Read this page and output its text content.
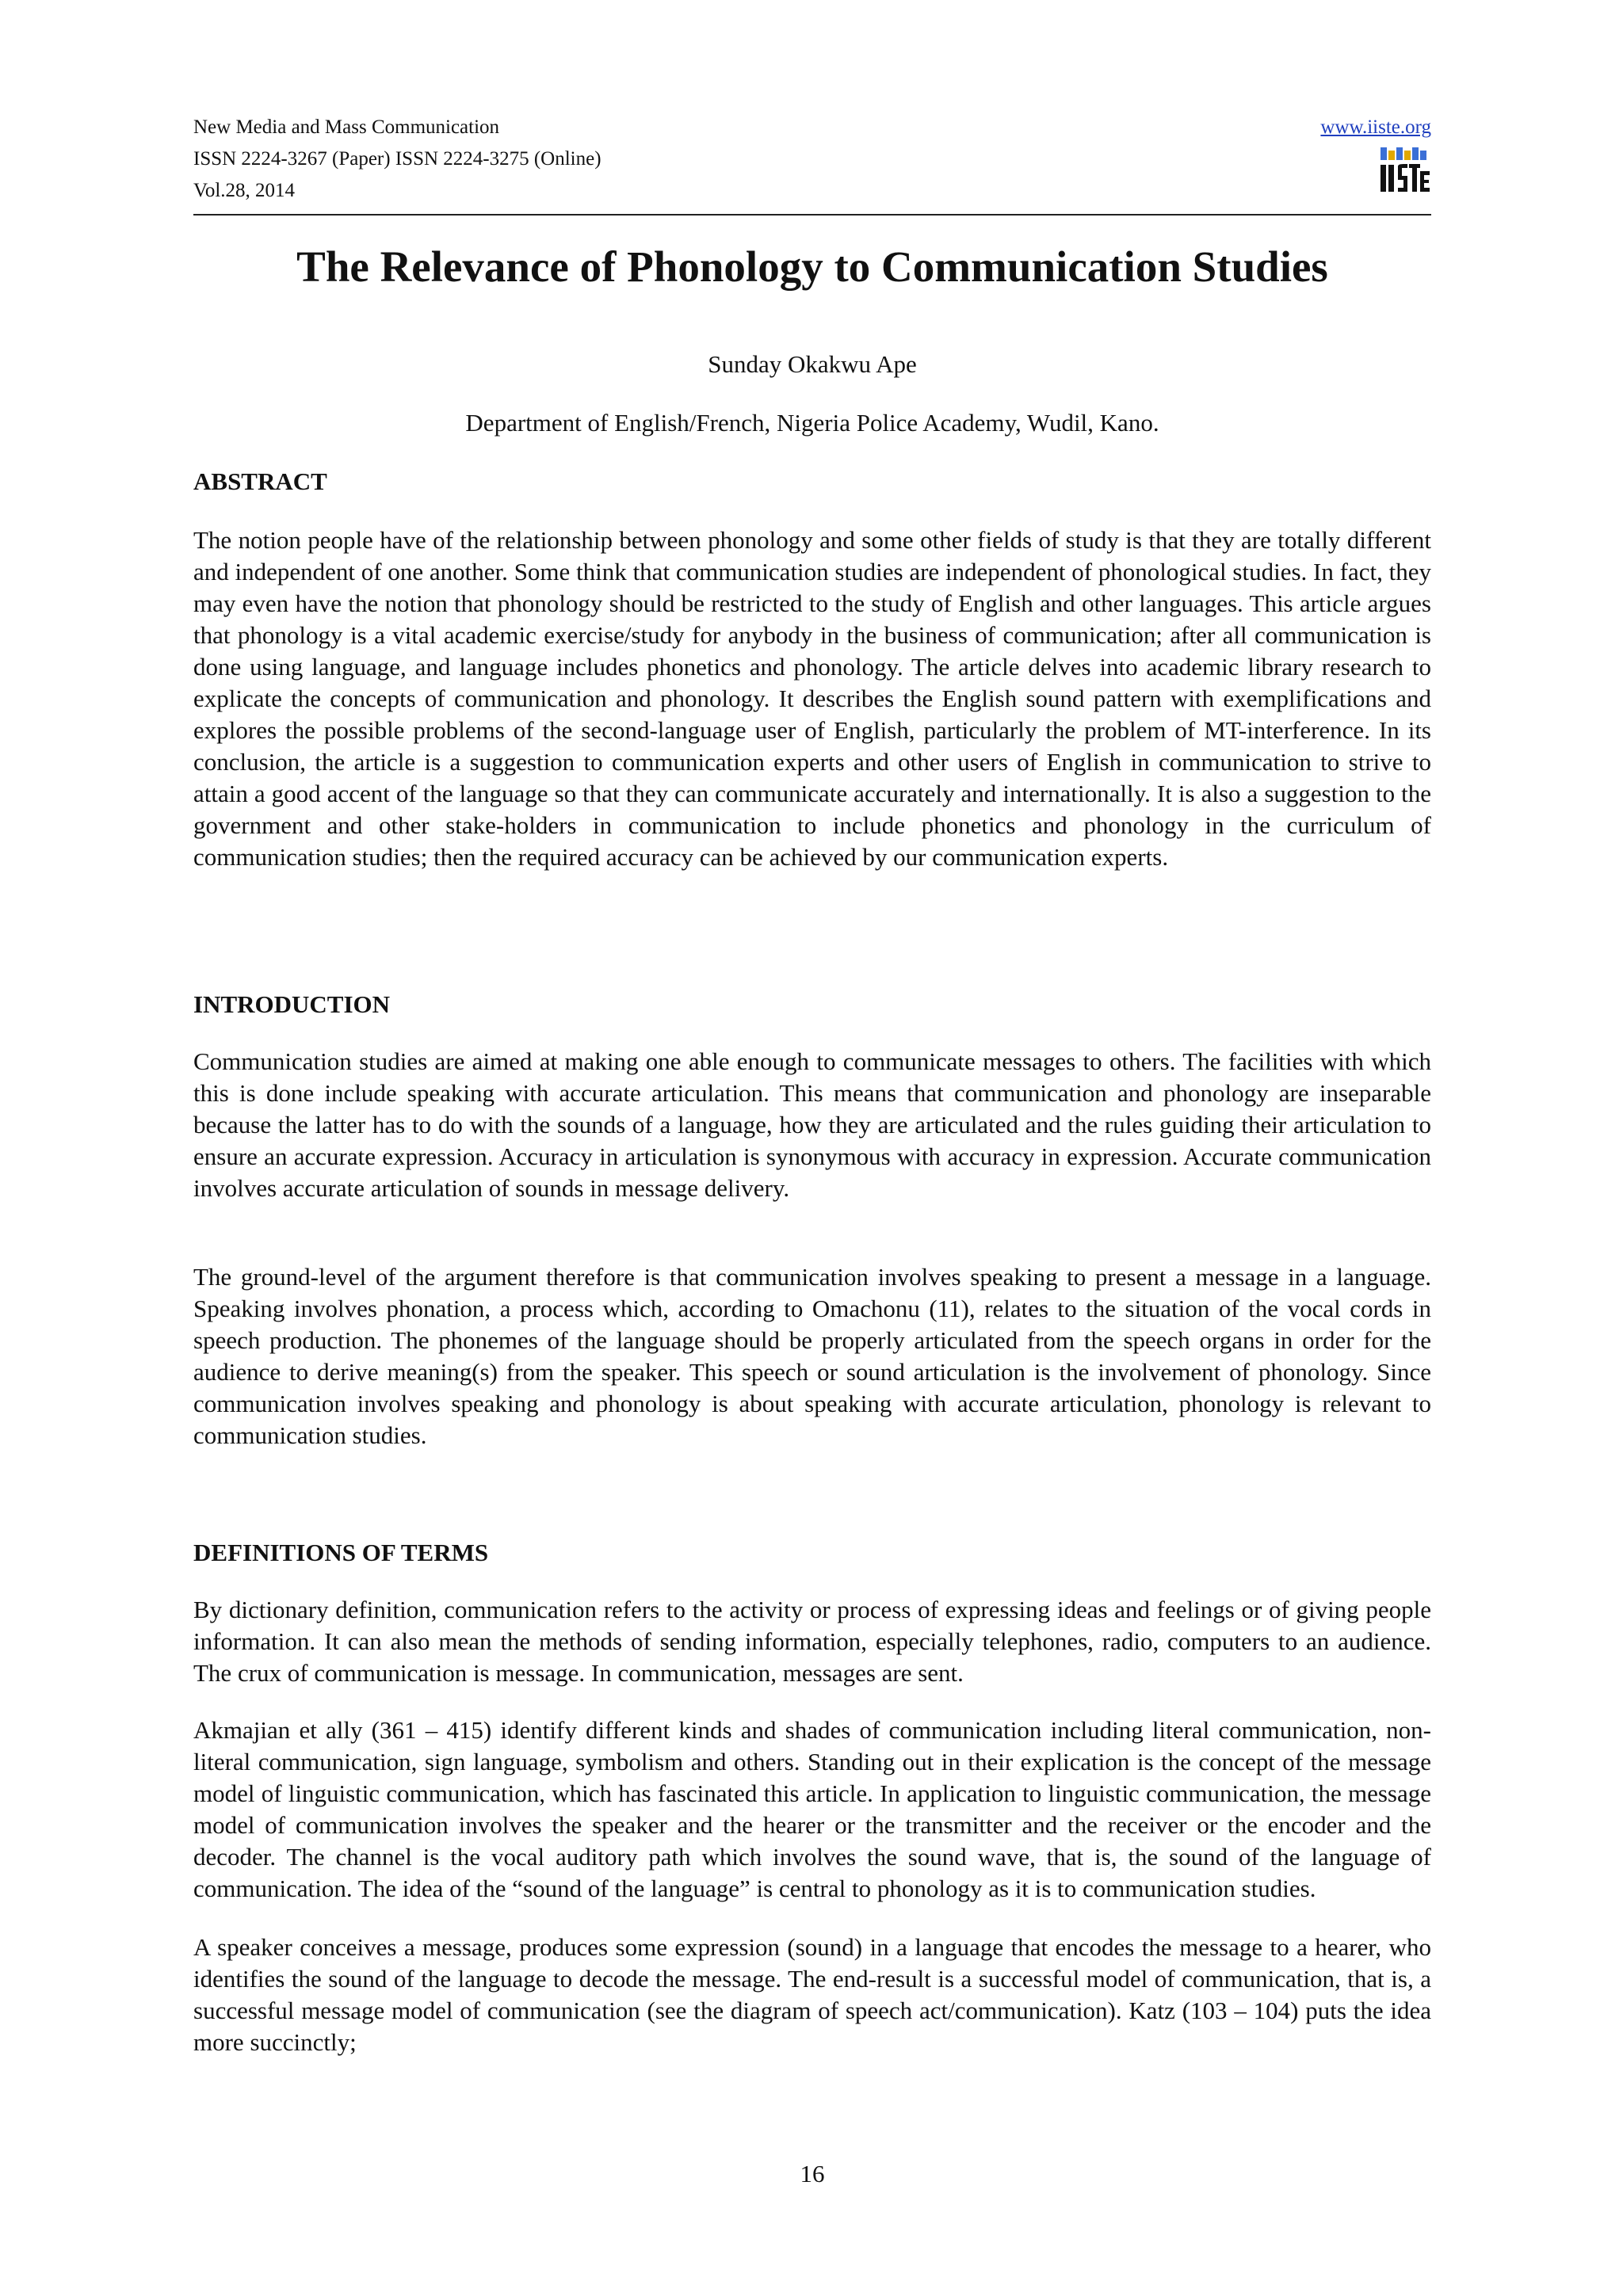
New Media and Mass Communication
ISSN 2224-3267 (Paper) ISSN 2224-3275 (Online)
Vol.28, 2014
www.iiste.org
The Relevance of Phonology to Communication Studies
Sunday Okakwu Ape
Department of English/French, Nigeria Police Academy, Wudil, Kano.
ABSTRACT

The notion people have of the relationship between phonology and some other fields of study is that they are totally different and independent of one another. Some think that communication studies are independent of phonological studies. In fact, they may even have the notion that phonology should be restricted to the study of English and other languages. This article argues that phonology is a vital academic exercise/study for anybody in the business of communication; after all communication is done using language, and language includes phonetics and phonology. The article delves into academic library research to explicate the concepts of communication and phonology. It describes the English sound pattern with exemplifications and explores the possible problems of the second-language user of English, particularly the problem of MT-interference. In its conclusion, the article is a suggestion to communication experts and other users of English in communication to strive to attain a good accent of the language so that they can communicate accurately and internationally. It is also a suggestion to the government and other stake-holders in communication to include phonetics and phonology in the curriculum of communication studies; then the required accuracy can be achieved by our communication experts.

INTRODUCTION

Communication studies are aimed at making one able enough to communicate messages to others. The facilities with which this is done include speaking with accurate articulation. This means that communication and phonology are inseparable because the latter has to do with the sounds of a language, how they are articulated and the rules guiding their articulation to ensure an accurate expression. Accuracy in articulation is synonymous with accuracy in expression. Accurate communication involves accurate articulation of sounds in message delivery.

The ground-level of the argument therefore is that communication involves speaking to present a message in a language. Speaking involves phonation, a process which, according to Omachonu (11), relates to the situation of the vocal cords in speech production. The phonemes of the language should be properly articulated from the speech organs in order for the audience to derive meaning(s) from the speaker. This speech or sound articulation is the involvement of phonology. Since communication involves speaking and phonology is about speaking with accurate articulation, phonology is relevant to communication studies.

DEFINITIONS OF TERMS

By dictionary definition, communication refers to the activity or process of expressing ideas and feelings or of giving people information. It can also mean the methods of sending information, especially telephones, radio, computers to an audience. The crux of communication is message. In communication, messages are sent.

Akmajian et ally (361 – 415) identify different kinds and shades of communication including literal communication, non-literal communication, sign language, symbolism and others. Standing out in their explication is the concept of the message model of linguistic communication, which has fascinated this article. In application to linguistic communication, the message model of communication involves the speaker and the hearer or the transmitter and the receiver or the encoder and the decoder. The channel is the vocal auditory path which involves the sound wave, that is, the sound of the language of communication. The idea of the “sound of the language” is central to phonology as it is to communication studies.

A speaker conceives a message, produces some expression (sound) in a language that encodes the message to a hearer, who identifies the sound of the language to decode the message. The end-result is a successful model of communication, that is, a successful message model of communication (see the diagram of speech act/communication). Katz (103 – 104) puts the idea more succinctly;

16
